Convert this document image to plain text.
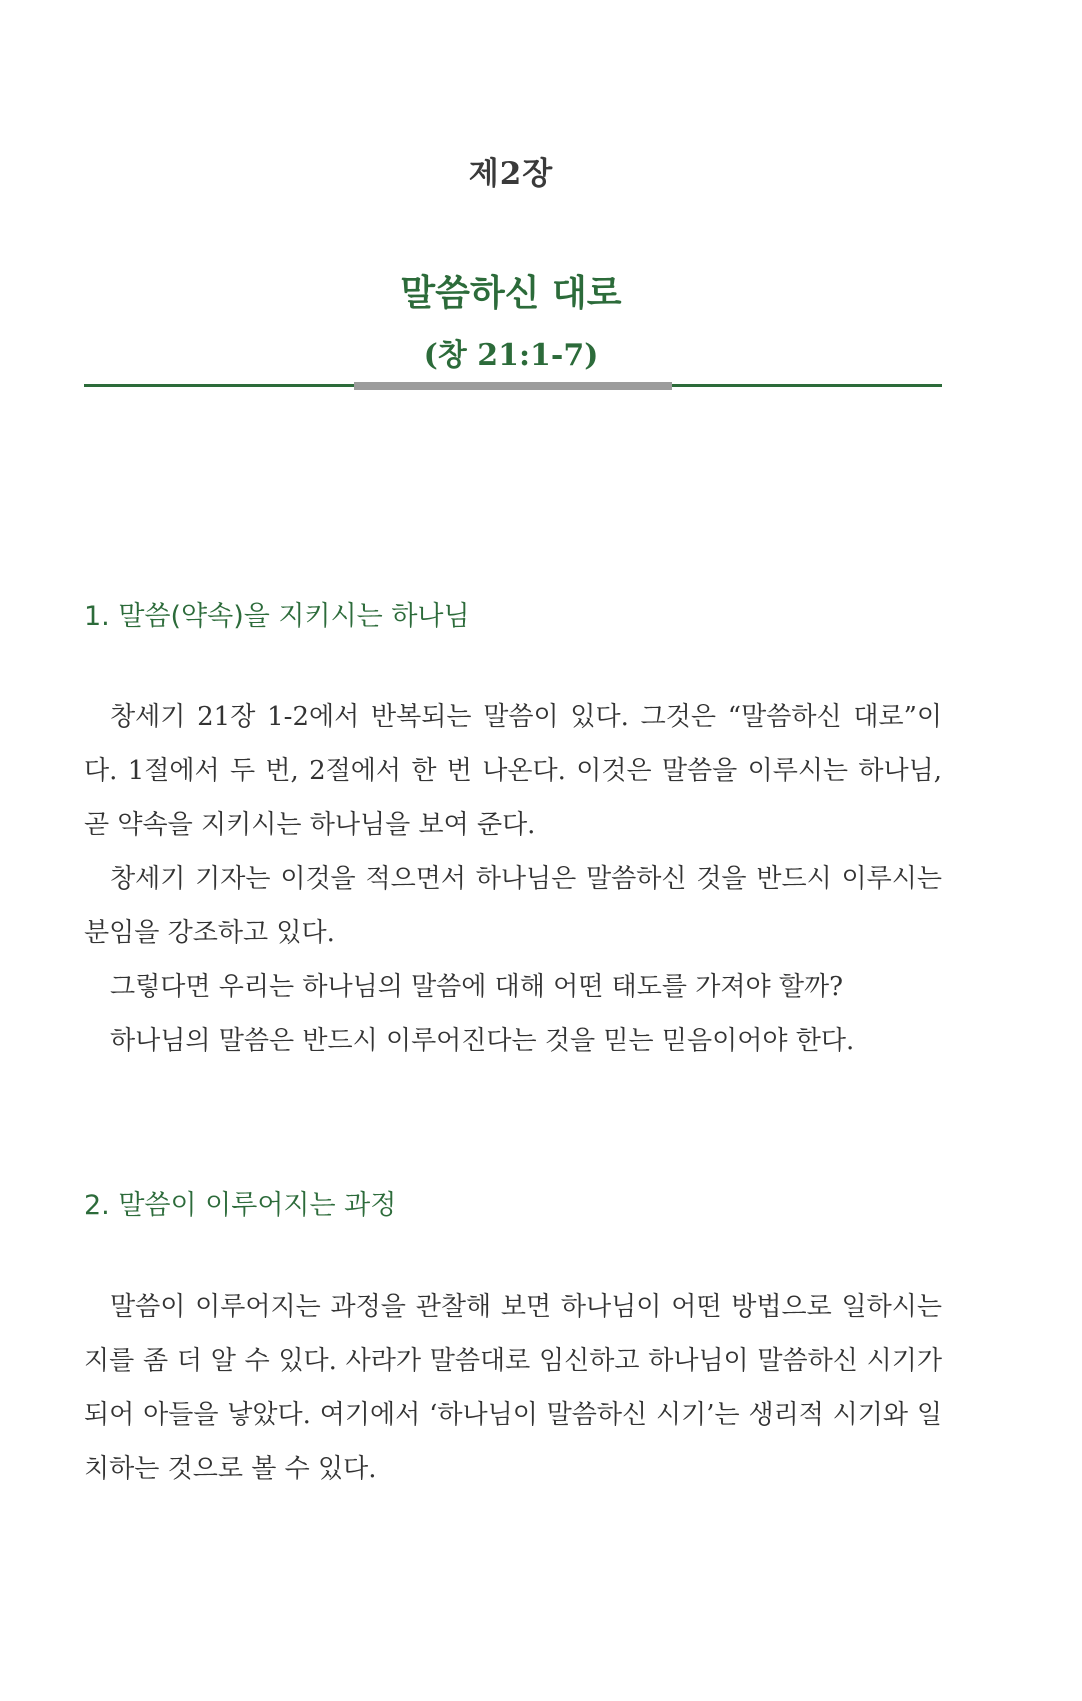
제2장
말씀하신 대로
(창 21:1-7)
1. 말씀(약속)을 지키시는 하나님

창세기 21장 1-2에서 반복되는 말씀이 있다. 그것은 “말씀하신 대로”이다. 1절에서 두 번, 2절에서 한 번 나온다. 이것은 말씀을 이루시는 하나님, 곧 약속을 지키시는 하나님을 보여 준다.

창세기 기자는 이것을 적으면서 하나님은 말씀하신 것을 반드시 이루시는 분임을 강조하고 있다.

그렇다면 우리는 하나님의 말씀에 대해 어떤 태도를 가져야 할까?

하나님의 말씀은 반드시 이루어진다는 것을 믿는 믿음이어야 한다.

2. 말씀이 이루어지는 과정

말씀이 이루어지는 과정을 관찰해 보면 하나님이 어떤 방법으로 일하시는지를 좀 더 알 수 있다. 사라가 말씀대로 임신하고 하나님이 말씀하신 시기가 되어 아들을 낳았다. 여기에서 ‘하나님이 말씀하신 시기’는 생리적 시기와 일치하는 것으로 볼 수 있다.
